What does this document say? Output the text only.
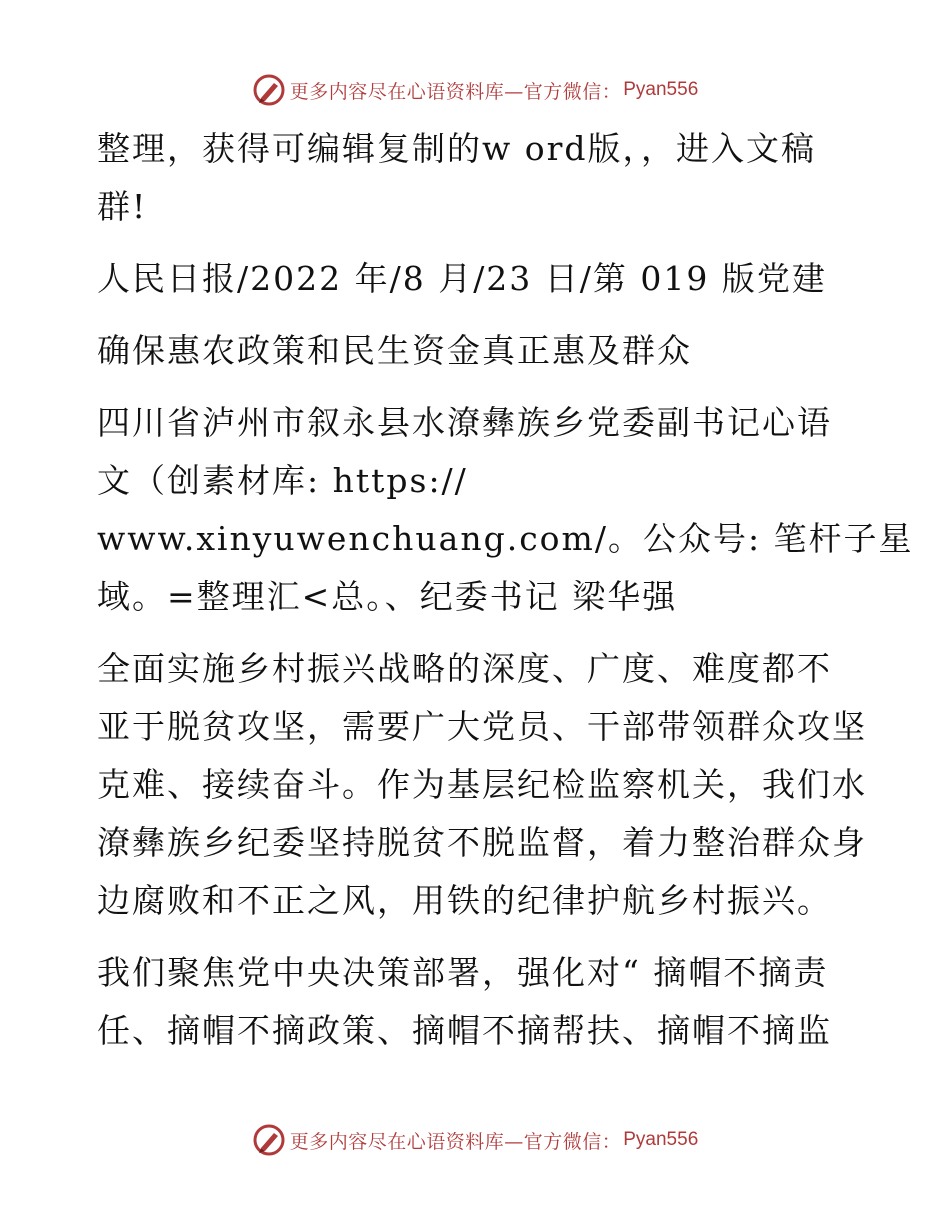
更多内容尽在心语资料库—官方微信： Pyan556

整理，获得可编辑复制的w ord版，，进入文稿
群!

人民日报/2022 年/8 月/23 日/第 019 版党建

确保惠农政策和民生资金真正惠及群众

四川省泸州市叙永县水潦彝族乡党委副书记心语
文（创素材库: https://
www.xinyuwenchuang.com/。公众号: 笔杆子星
域。=整理汇<总。、纪委书记 梁华强

全面实施乡村振兴战略的深度、广度、难度都不
亚于脱贫攻坚，需要广大党员、干部带领群众攻坚
克难、接续奋斗。作为基层纪检监察机关，我们水
潦彝族乡纪委坚持脱贫不脱监督，着力整治群众身
边腐败和不正之风，用铁的纪律护航乡村振兴。

我们聚焦党中央决策部署，强化对“ 摘帽不摘责
任、摘帽不摘政策、摘帽不摘帮扶、摘帽不摘监

更多内容尽在心语资料库—官方微信： Pyan556
